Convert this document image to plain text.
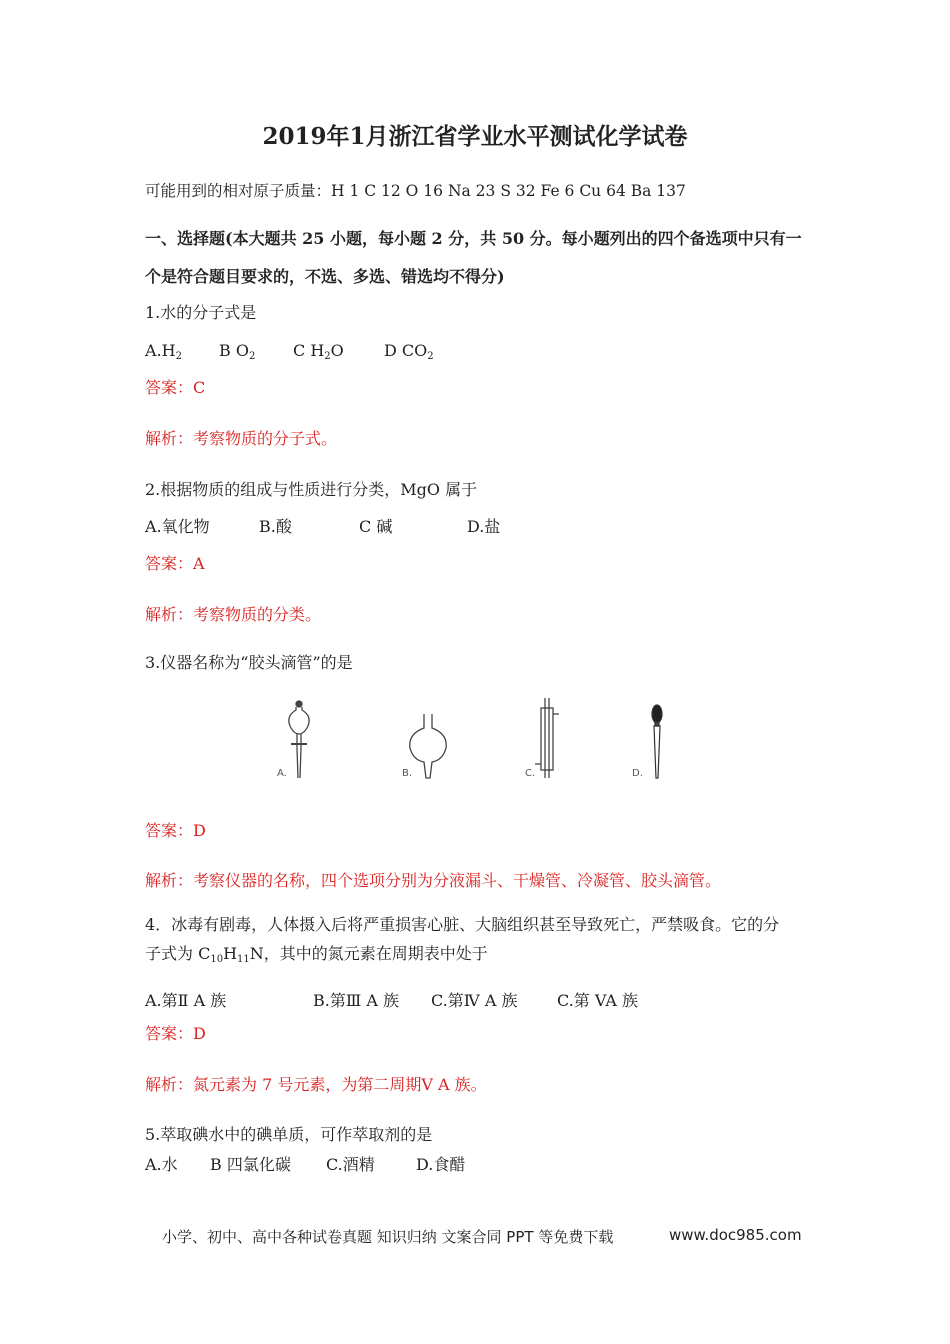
2019年1月浙江省学业水平测试化学试卷
可能用到的相对原子质量：H 1 C 12 O 16 Na 23 S 32 Fe 6 Cu 64 Ba 137
一、选择题(本大题共 25 小题，每小题 2 分，共 50 分。每小题列出的四个备选项中只有一
个是符合题目要求的，不选、多选、错选均不得分)
1.水的分子式是
$A.H_2$ B $O_2$ C $H_2O$	D $CO_2$
答案：C
解析：考察物质的分子式。
2.根据物质的组成与性质进行分类，MgO 属于
A.氧化物	B.酸	C 碱	D.盐
答案：A
解析：考察物质的分类。
3.仪器名称为“胶头滴管”的是
A.	B.	C.	D.
答案：D
解析：考察仪器的名称，四个选项分别为分液漏斗、干燥管、冷凝管、胶头滴管。
4．冰毒有剧毒，人体摄入后将严重损害心脏、大脑组织甚至导致死亡，严禁吸食。它的分
子式为 $C_{10}H_{11}N$，其中的氮元素在周期表中处于
A.第Ⅱ A 族	B.第Ⅲ A 族 C.第Ⅳ A 族 C.第 VA 族
答案：D
解析：氮元素为 7 号元素，为第二周期Ⅴ A 族。
5.萃取碘水中的碘单质，可作萃取剂的是
A.水 B 四氯化碳 C.酒精	D.食醋
小学、初中、高中各种试卷真题 知识归纳 文案合同 PPT 等免费下载	www.doc985.com
